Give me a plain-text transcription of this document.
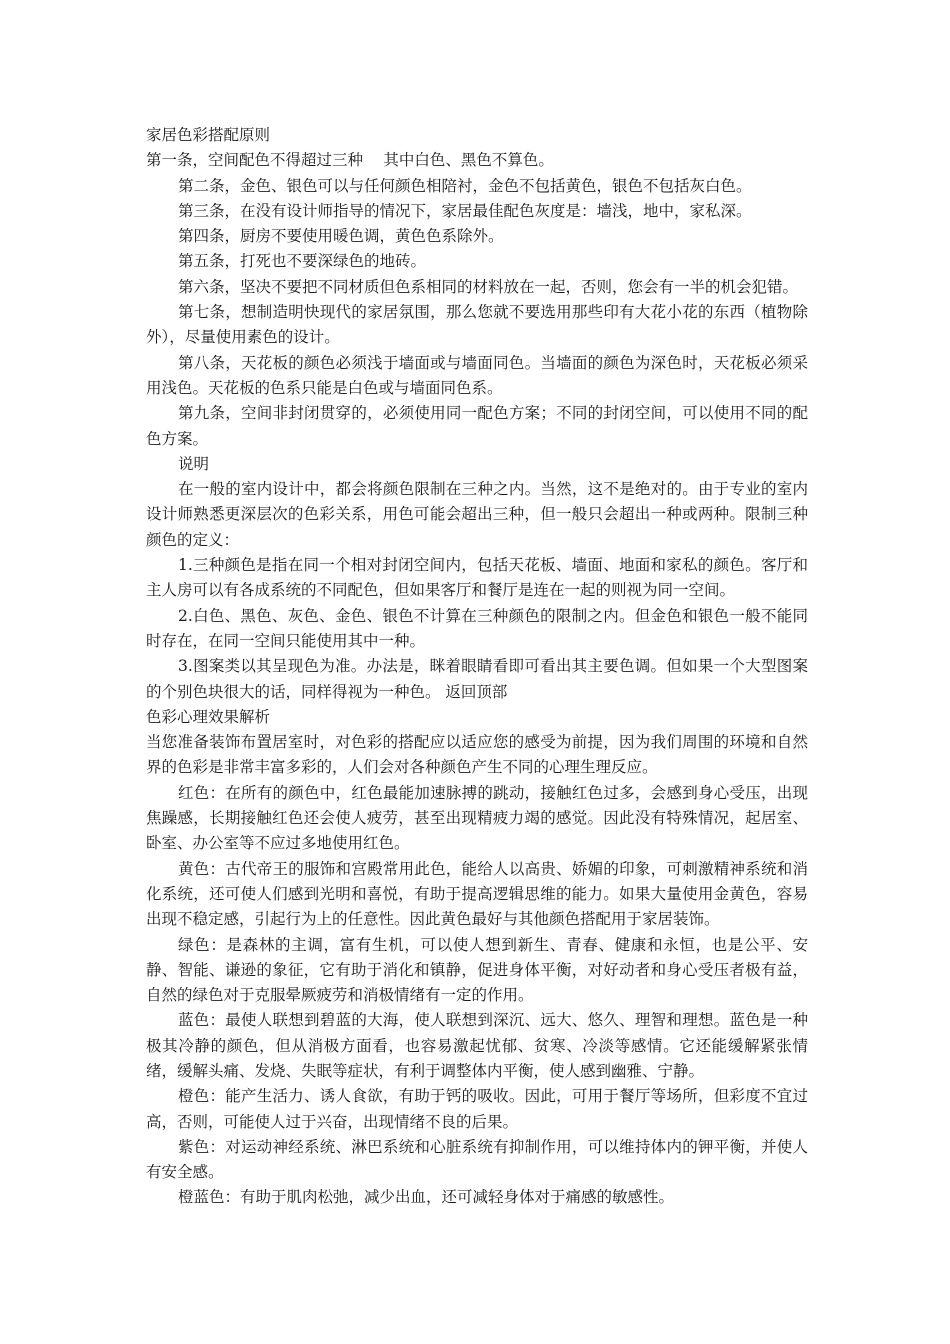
家居色彩搭配原则

第一条，空间配色不得超过三种　 其中白色、黑色不算色。

第二条，金色、银色可以与任何颜色相陪衬，金色不包括黄色，银色不包括灰白色。

第三条，在没有设计师指导的情况下，家居最佳配色灰度是：墙浅，地中，家私深。

第四条，厨房不要使用暖色调，黄色色系除外。

第五条，打死也不要深绿色的地砖。

第六条，坚决不要把不同材质但色系相同的材料放在一起，否则，您会有一半的机会犯错。

第七条，想制造明快现代的家居氛围，那么您就不要选用那些印有大花小花的东西（植物除外），尽量使用素色的设计。

第八条，天花板的颜色必须浅于墙面或与墙面同色。当墙面的颜色为深色时，天花板必须采用浅色。天花板的色系只能是白色或与墙面同色系。

第九条，空间非封闭贯穿的，必须使用同一配色方案；不同的封闭空间，可以使用不同的配色方案。

说明

在一般的室内设计中，都会将颜色限制在三种之内。当然，这不是绝对的。由于专业的室内设计师熟悉更深层次的色彩关系，用色可能会超出三种，但一般只会超出一种或两种。限制三种颜色的定义：

1.三种颜色是指在同一个相对封闭空间内，包括天花板、墙面、地面和家私的颜色。客厅和主人房可以有各成系统的不同配色，但如果客厅和餐厅是连在一起的则视为同一空间。

2.白色、黑色、灰色、金色、银色不计算在三种颜色的限制之内。但金色和银色一般不能同时存在，在同一空间只能使用其中一种。

3.图案类以其呈现色为准。办法是，眯着眼睛看即可看出其主要色调。但如果一个大型图案的个别色块很大的话，同样得视为一种色。 返回顶部

色彩心理效果解析

当您准备装饰布置居室时，对色彩的搭配应以适应您的感受为前提，因为我们周围的环境和自然界的色彩是非常丰富多彩的，人们会对各种颜色产生不同的心理生理反应。

红色：在所有的颜色中，红色最能加速脉搏的跳动，接触红色过多，会感到身心受压，出现焦躁感，长期接触红色还会使人疲劳，甚至出现精疲力竭的感觉。因此没有特殊情况，起居室、卧室、办公室等不应过多地使用红色。

黄色：古代帝王的服饰和宫殿常用此色，能给人以高贵、娇媚的印象，可刺激精神系统和消化系统，还可使人们感到光明和喜悦，有助于提高逻辑思维的能力。如果大量使用金黄色，容易出现不稳定感，引起行为上的任意性。因此黄色最好与其他颜色搭配用于家居装饰。

绿色：是森林的主调，富有生机，可以使人想到新生、青春、健康和永恒，也是公平、安静、智能、谦逊的象征，它有助于消化和镇静，促进身体平衡，对好动者和身心受压者极有益，自然的绿色对于克服晕厥疲劳和消极情绪有一定的作用。

蓝色：最使人联想到碧蓝的大海，使人联想到深沉、远大、悠久、理智和理想。蓝色是一种极其冷静的颜色，但从消极方面看，也容易激起忧郁、贫寒、冷淡等感情。它还能缓解紧张情绪，缓解头痛、发烧、失眠等症状，有利于调整体内平衡，使人感到幽雅、宁静。

橙色：能产生活力、诱人食欲，有助于钙的吸收。因此，可用于餐厅等场所，但彩度不宜过高，否则，可能使人过于兴奋，出现情绪不良的后果。

紫色：对运动神经系统、淋巴系统和心脏系统有抑制作用，可以维持体内的钾平衡，并使人有安全感。

橙蓝色：有助于肌肉松弛，减少出血，还可减轻身体对于痛感的敏感性。
